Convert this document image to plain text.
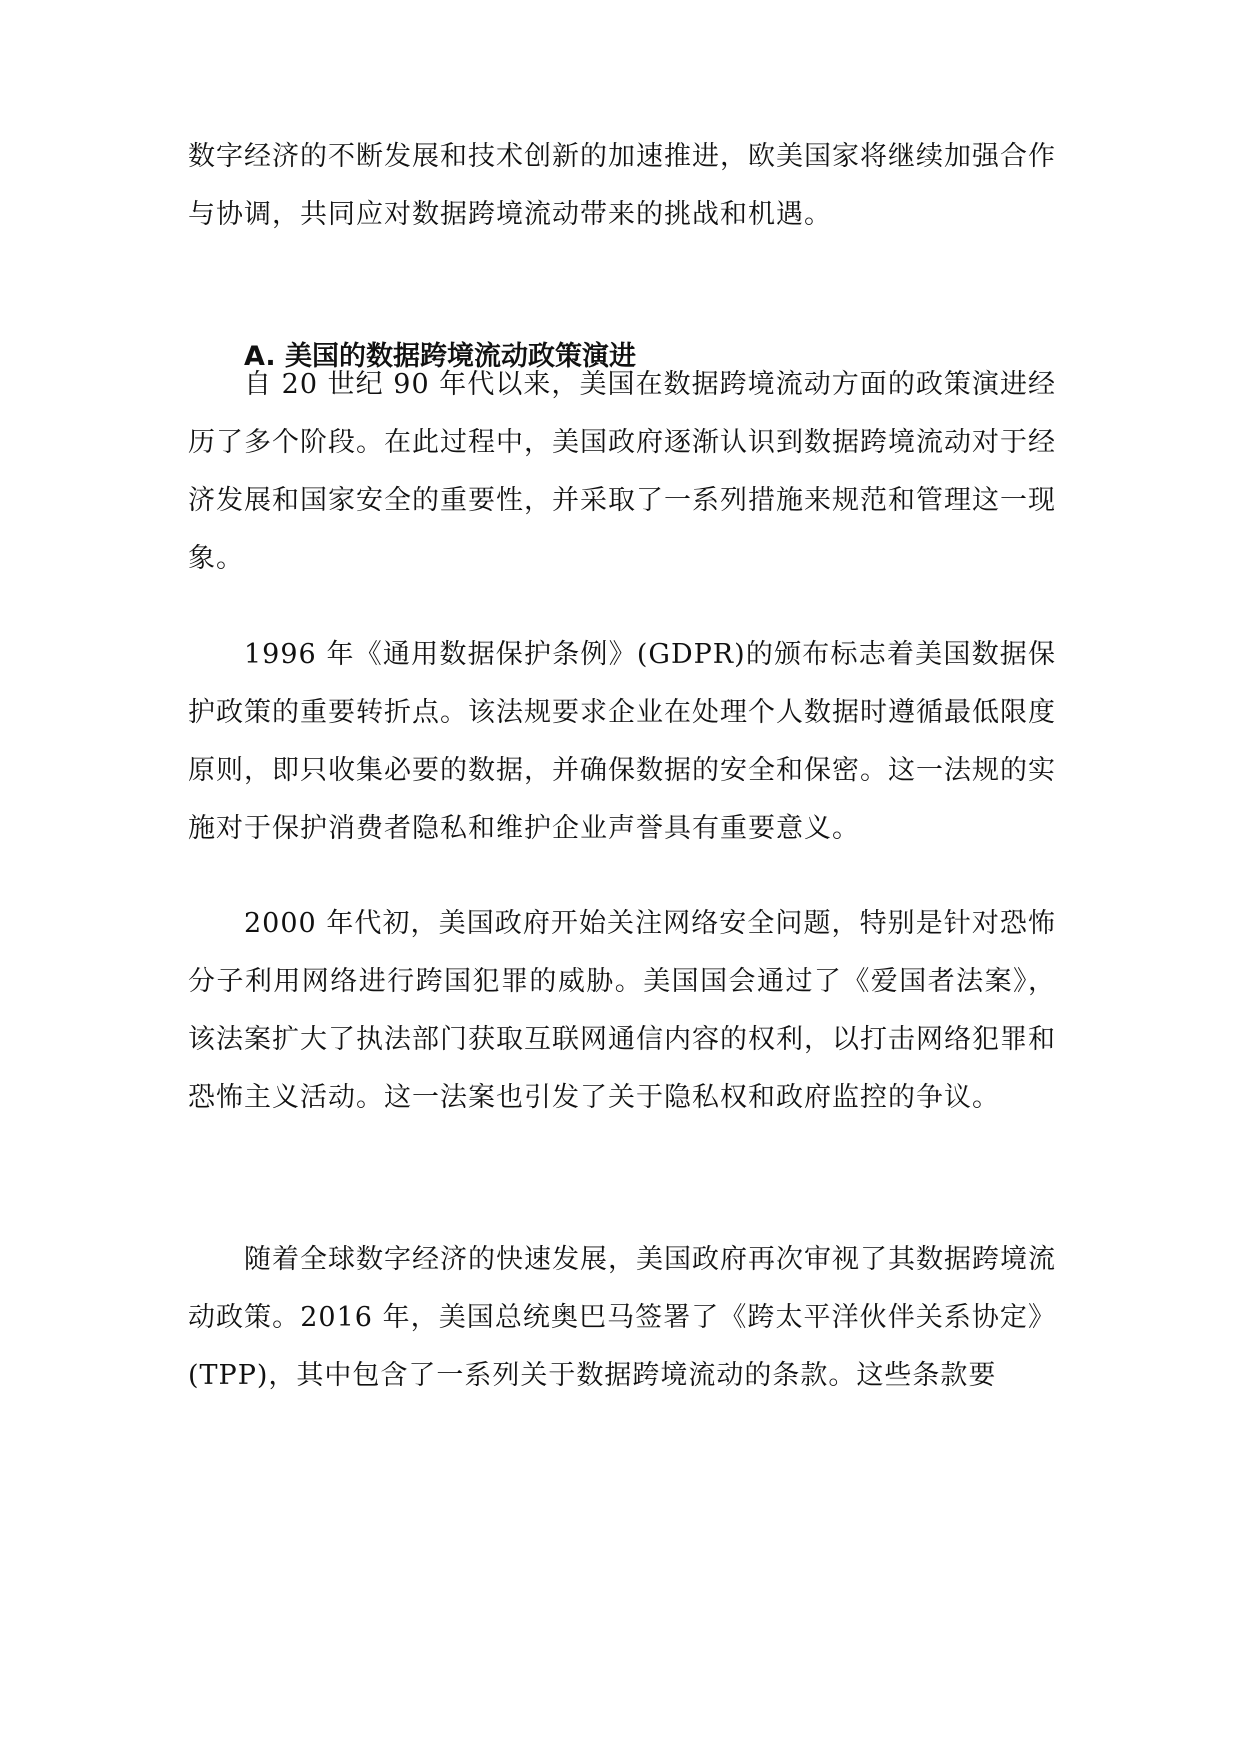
数字经济的不断发展和技术创新的加速推进，欧美国家将继续加强合作与协调，共同应对数据跨境流动带来的挑战和机遇。

A. 美国的数据跨境流动政策演进

自 20 世纪 90 年代以来，美国在数据跨境流动方面的政策演进经历了多个阶段。在此过程中，美国政府逐渐认识到数据跨境流动对于经济发展和国家安全的重要性，并采取了一系列措施来规范和管理这一现象。

1996 年《通用数据保护条例》(GDPR)的颁布标志着美国数据保护政策的重要转折点。该法规要求企业在处理个人数据时遵循最低限度原则，即只收集必要的数据，并确保数据的安全和保密。这一法规的实施对于保护消费者隐私和维护企业声誉具有重要意义。

2000 年代初，美国政府开始关注网络安全问题，特别是针对恐怖分子利用网络进行跨国犯罪的威胁。美国国会通过了《爱国者法案》，该法案扩大了执法部门获取互联网通信内容的权利，以打击网络犯罪和恐怖主义活动。这一法案也引发了关于隐私权和政府监控的争议。

随着全球数字经济的快速发展，美国政府再次审视了其数据跨境流动政策。2016 年，美国总统奥巴马签署了《跨太平洋伙伴关系协定》(TPP)，其中包含了一系列关于数据跨境流动的条款。这些条款要
